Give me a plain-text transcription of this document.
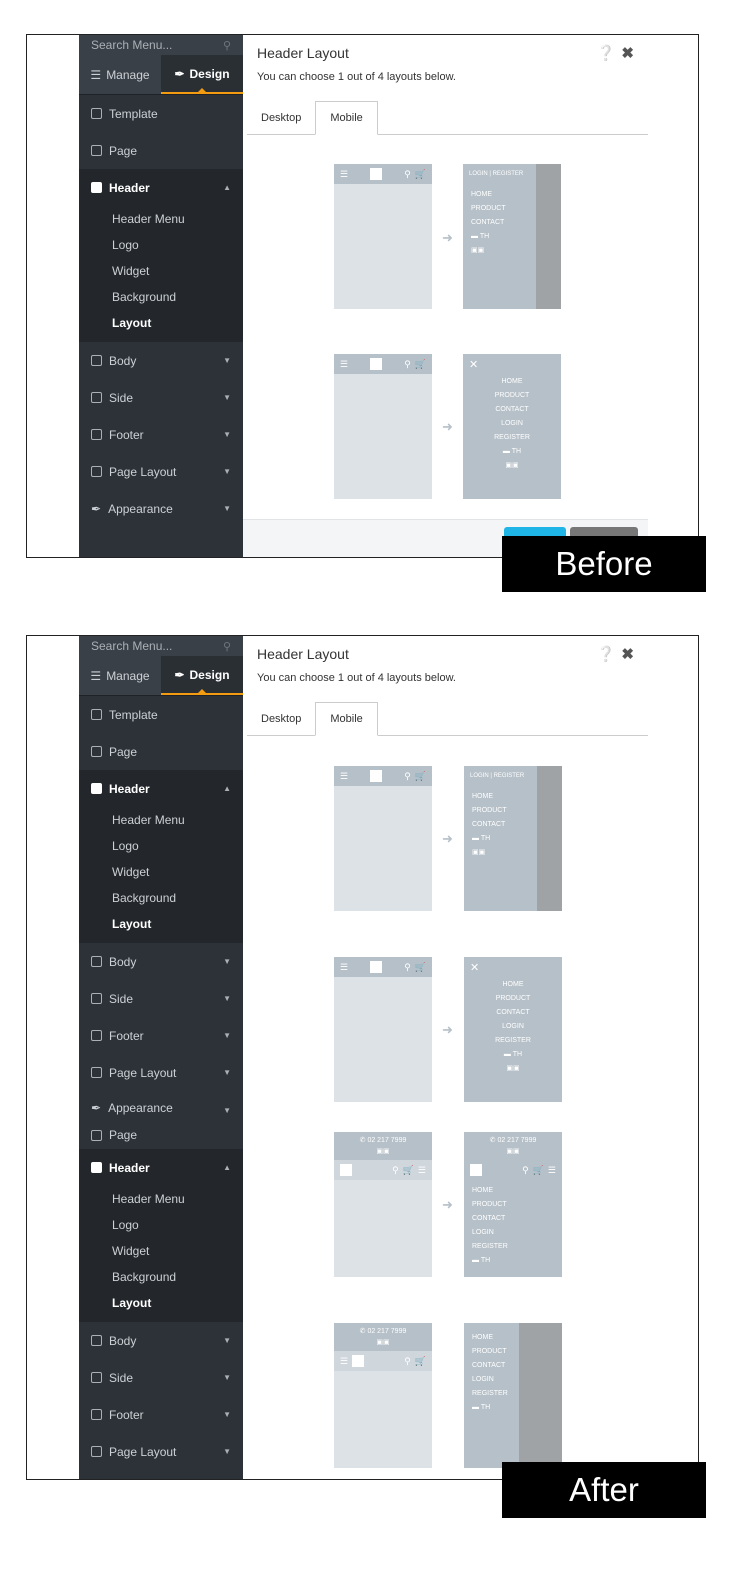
Search Menu...	⚲
☰ Manage ✒ Design
Template
Page
Header	▲
Header Menu
Logo
Widget
Background
Layout
Body	▼
Side	▼
Footer	▼
Page Layout	▼
✒ Appearance	▼
Header Layout
You can choose 1 out of 4 layouts below.
❔✖
Desktop	Mobile
☰	⚲ 🛒
➜
LOGIN | REGISTER
HOME
PRODUCT
CONTACT
▬ TH
▣▣
☰	⚲ 🛒
➜
✕
HOME
PRODUCT
CONTACT
LOGIN
REGISTER
▬ TH
▣▣
Before
Search Menu...	⚲
☰ Manage ✒ Design
Template
Page
Header	▲
Header Menu
Logo
Widget
Background
Layout
Body	▼
Side	▼
Footer	▼
Page Layout	▼
✒ Appearance	▼
Page
Header	▲
Header Menu
Logo
Widget
Background
Layout
Body	▼
Side	▼
Footer	▼
Page Layout	▼
Header Layout
You can choose 1 out of 4 layouts below.
❔✖
Desktop	Mobile
☰	⚲ 🛒
➜
LOGIN | REGISTER
HOME
PRODUCT
CONTACT
▬ TH
▣▣
☰	⚲ 🛒
➜
✕
HOME
PRODUCT
CONTACT
LOGIN
REGISTER
▬ TH
▣▣
✆ 02 217 7999
▣▣
⚲ 🛒 ☰
➜
✆ 02 217 7999
▣▣
⚲ 🛒 ☰
HOME
PRODUCT
CONTACT
LOGIN
REGISTER
▬ TH
✆ 02 217 7999
▣▣
☰	⚲ 🛒
HOME
PRODUCT
CONTACT
LOGIN
REGISTER
▬ TH
After
